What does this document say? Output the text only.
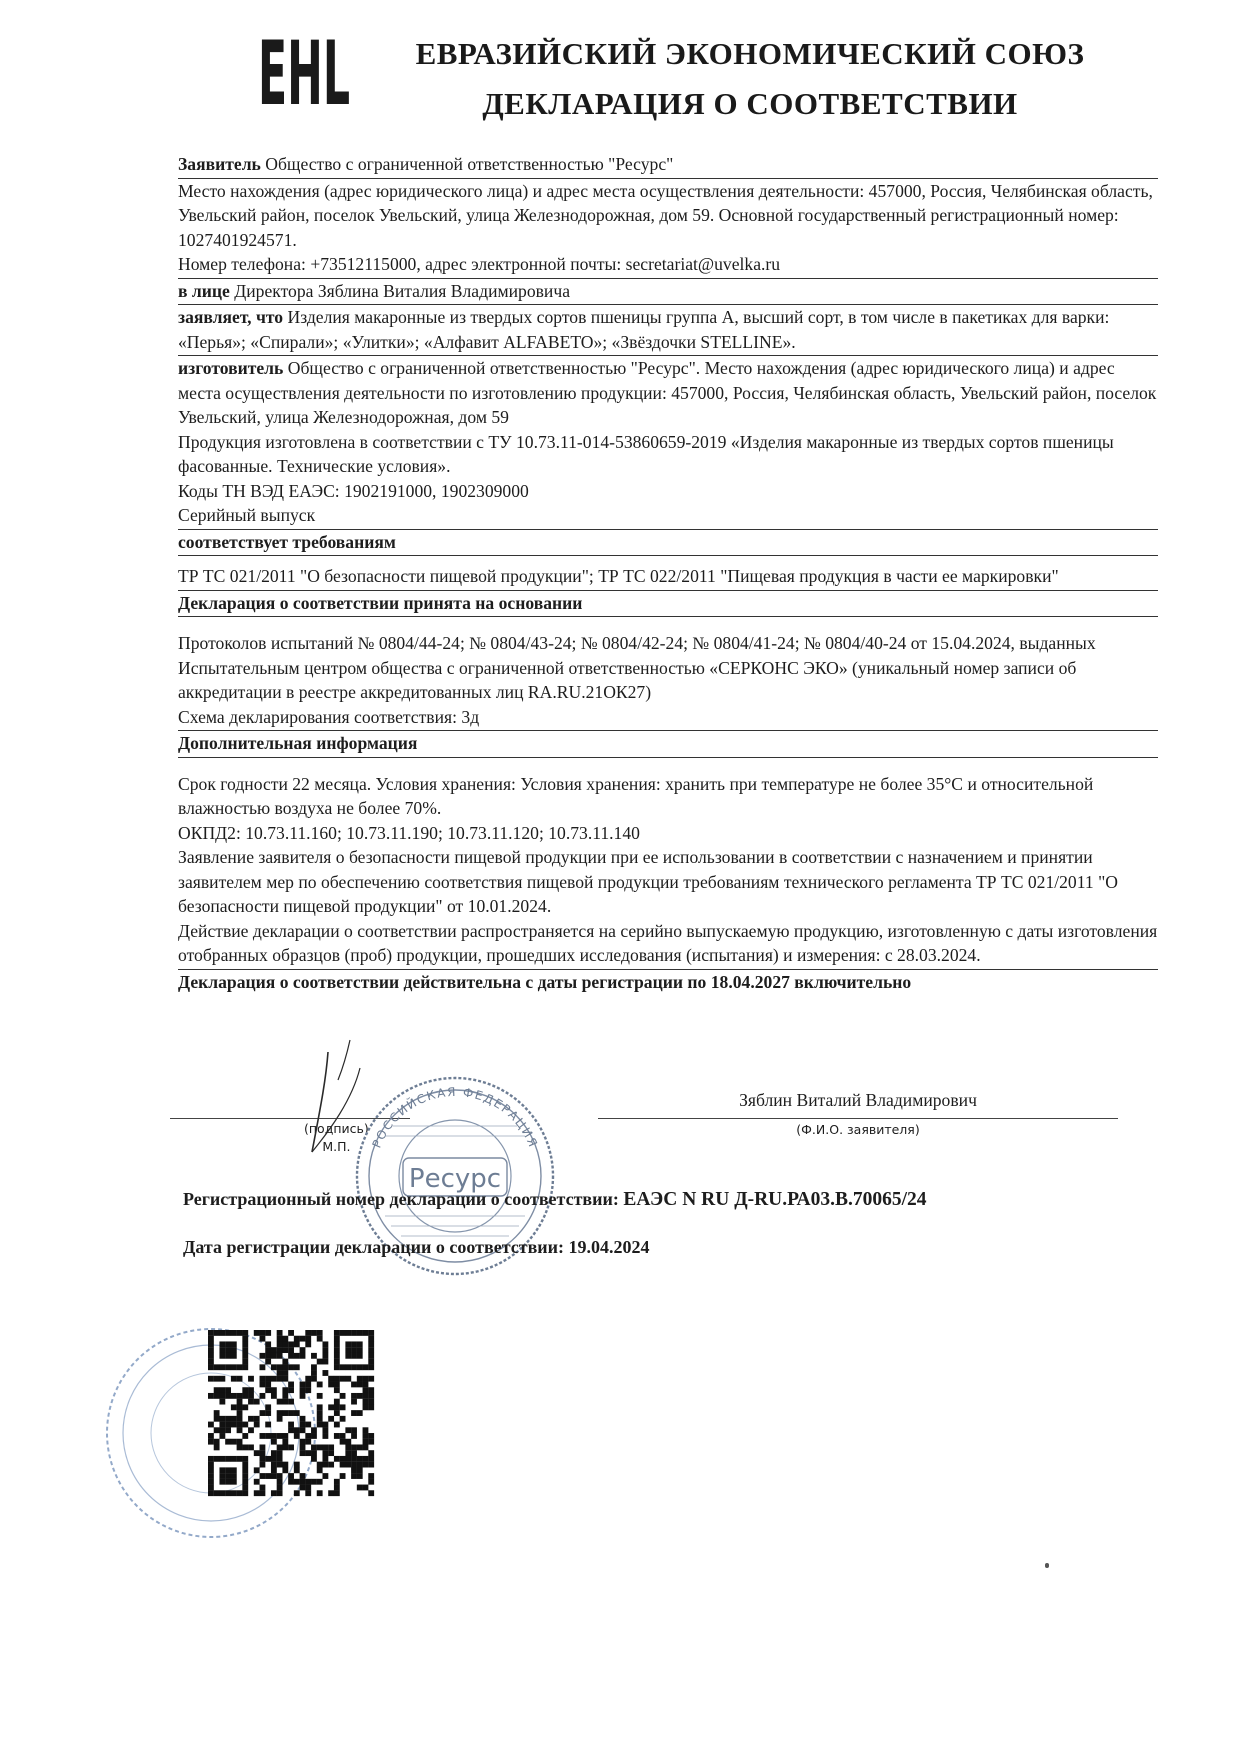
EHL	ЕВРАЗИЙСКИЙ ЭКОНОМИЧЕСКИЙ СОЮЗ
ДЕКЛАРАЦИЯ О СООТВЕТСТВИИ
Заявитель Общество с ограниченной ответственностью "Ресурс"
Место нахождения (адрес юридического лица) и адрес места осуществления деятельности: 457000, Россия, Челябинская область, Увельский район, поселок Увельский, улица Железнодорожная, дом 59. Основной государственный регистрационный номер: 1027401924571.
Номер телефона: +73512115000, адрес электронной почты: secretariat@uvelka.ru
в лице Директора Зяблина Виталия Владимировича
заявляет, что Изделия макаронные из твердых сортов пшеницы группа А, высший сорт, в том числе в пакетиках для варки: «Перья»; «Спирали»; «Улитки»; «Алфавит ALFABETO»; «Звёздочки STELLINE».
изготовитель Общество с ограниченной ответственностью "Ресурс". Место нахождения (адрес юридического лица) и адрес места осуществления деятельности по изготовлению продукции: 457000, Россия, Челябинская область, Увельский район, поселок Увельский, улица Железнодорожная, дом 59
Продукция изготовлена в соответствии с ТУ 10.73.11-014-53860659-2019 «Изделия макаронные из твердых сортов пшеницы фасованные. Технические условия».
Коды ТН ВЭД ЕАЭС: 1902191000, 1902309000
Серийный выпуск
соответствует требованиям
ТР ТС 021/2011 "О безопасности пищевой продукции"; ТР ТС 022/2011 "Пищевая продукция в части ее маркировки"
Декларация о соответствии принята на основании
Протоколов испытаний № 0804/44-24; № 0804/43-24; № 0804/42-24; № 0804/41-24; № 0804/40-24 от 15.04.2024, выданных Испытательным центром общества с ограниченной ответственностью «СЕРКОНС ЭКО» (уникальный номер записи об аккредитации в реестре аккредитованных лиц RA.RU.21ОК27)
Схема декларирования соответствия: 3д
Дополнительная информация
Срок годности 22 месяца. Условия хранения: Условия хранения: хранить при температуре не более 35°С и относительной влажностью воздуха не более 70%.
ОКПД2: 10.73.11.160; 10.73.11.190; 10.73.11.120; 10.73.11.140
Заявление заявителя о безопасности пищевой продукции при ее использовании в соответствии с назначением и принятии заявителем мер по обеспечению соответствия пищевой продукции требованиям технического регламента ТР ТС 021/2011 "О безопасности пищевой продукции" от 10.01.2024.
Действие декларации о соответствии распространяется на серийно выпускаемую продукцию, изготовленную с даты изготовления отобранных образцов (проб) продукции, прошедших исследования (испытания) и измерения: с 28.03.2024.
Декларация о соответствии действительна с даты регистрации по 18.04.2027 включительно
Зяблин Виталий Владимирович
(подпись)
М.П.
(Ф.И.О. заявителя)
РОССИЙСКАЯ ФЕДЕРАЦИЯ
Ресурс
Регистрационный номер декларации о соответствии: ЕАЭС N RU Д-RU.РА03.В.70065/24
Дата регистрации декларации о соответствии: 19.04.2024
